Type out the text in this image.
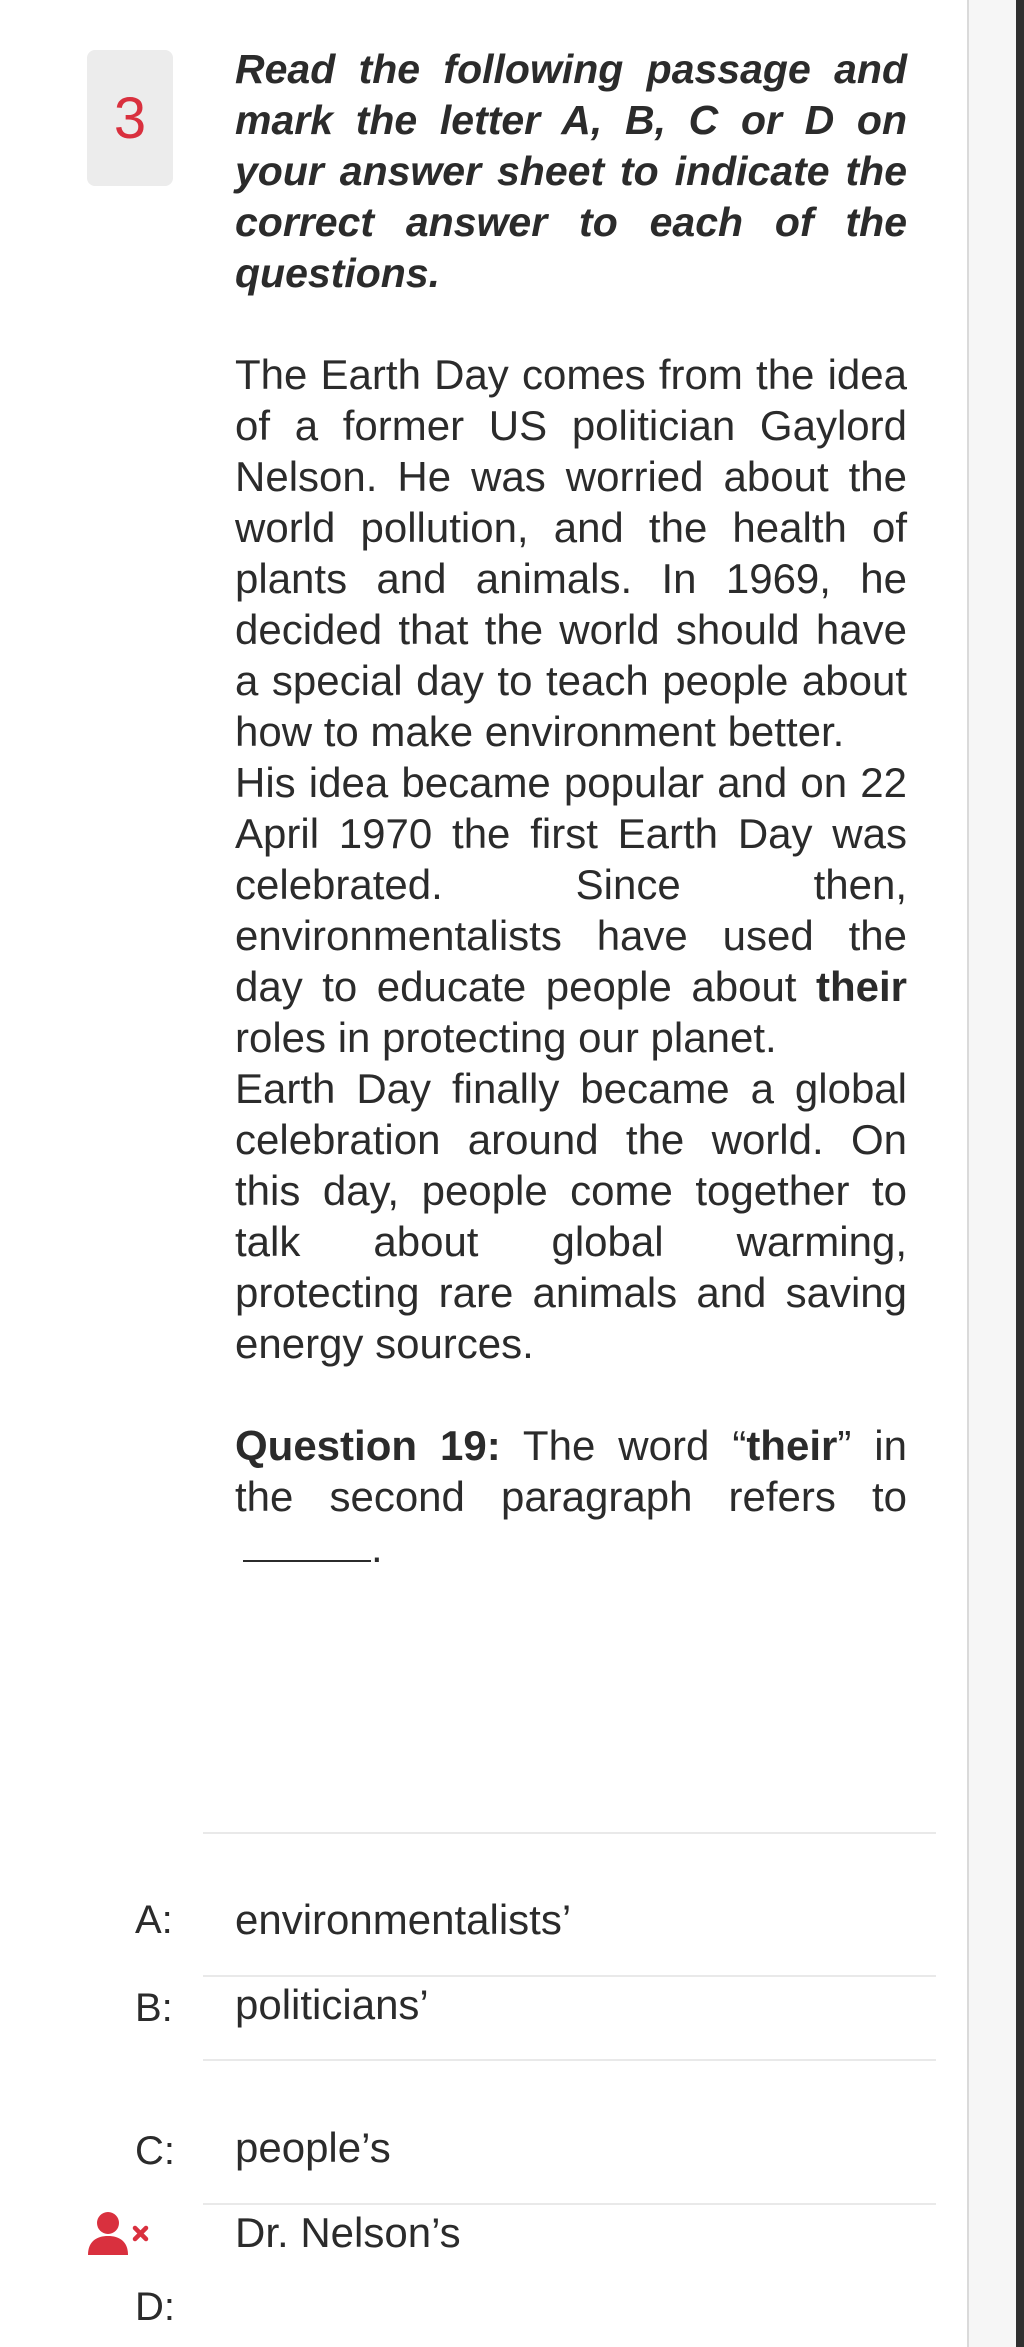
3

Read the following passage and mark the letter A, B, C or D on your answer sheet to indicate the correct answer to each of the questions.

The Earth Day comes from the idea of a former US politician Gaylord Nelson. He was worried about the world pollution, and the health of plants and animals. In 1969, he decided that the world should have a special day to teach people about how to make environment better.

His idea became popular and on 22 April 1970 the first Earth Day was celebrated. Since then, environmentalists have used the day to educate people about their roles in protecting our planet.

Earth Day finally became a global celebration around the world. On this day, people come together to talk about global warming, protecting rare animals and saving energy sources.

Question 19: The word “their” in the second paragraph refers to .
A: environmentalists’
B: politicians’
C: people’s
Dr. Nelson’s
D:
